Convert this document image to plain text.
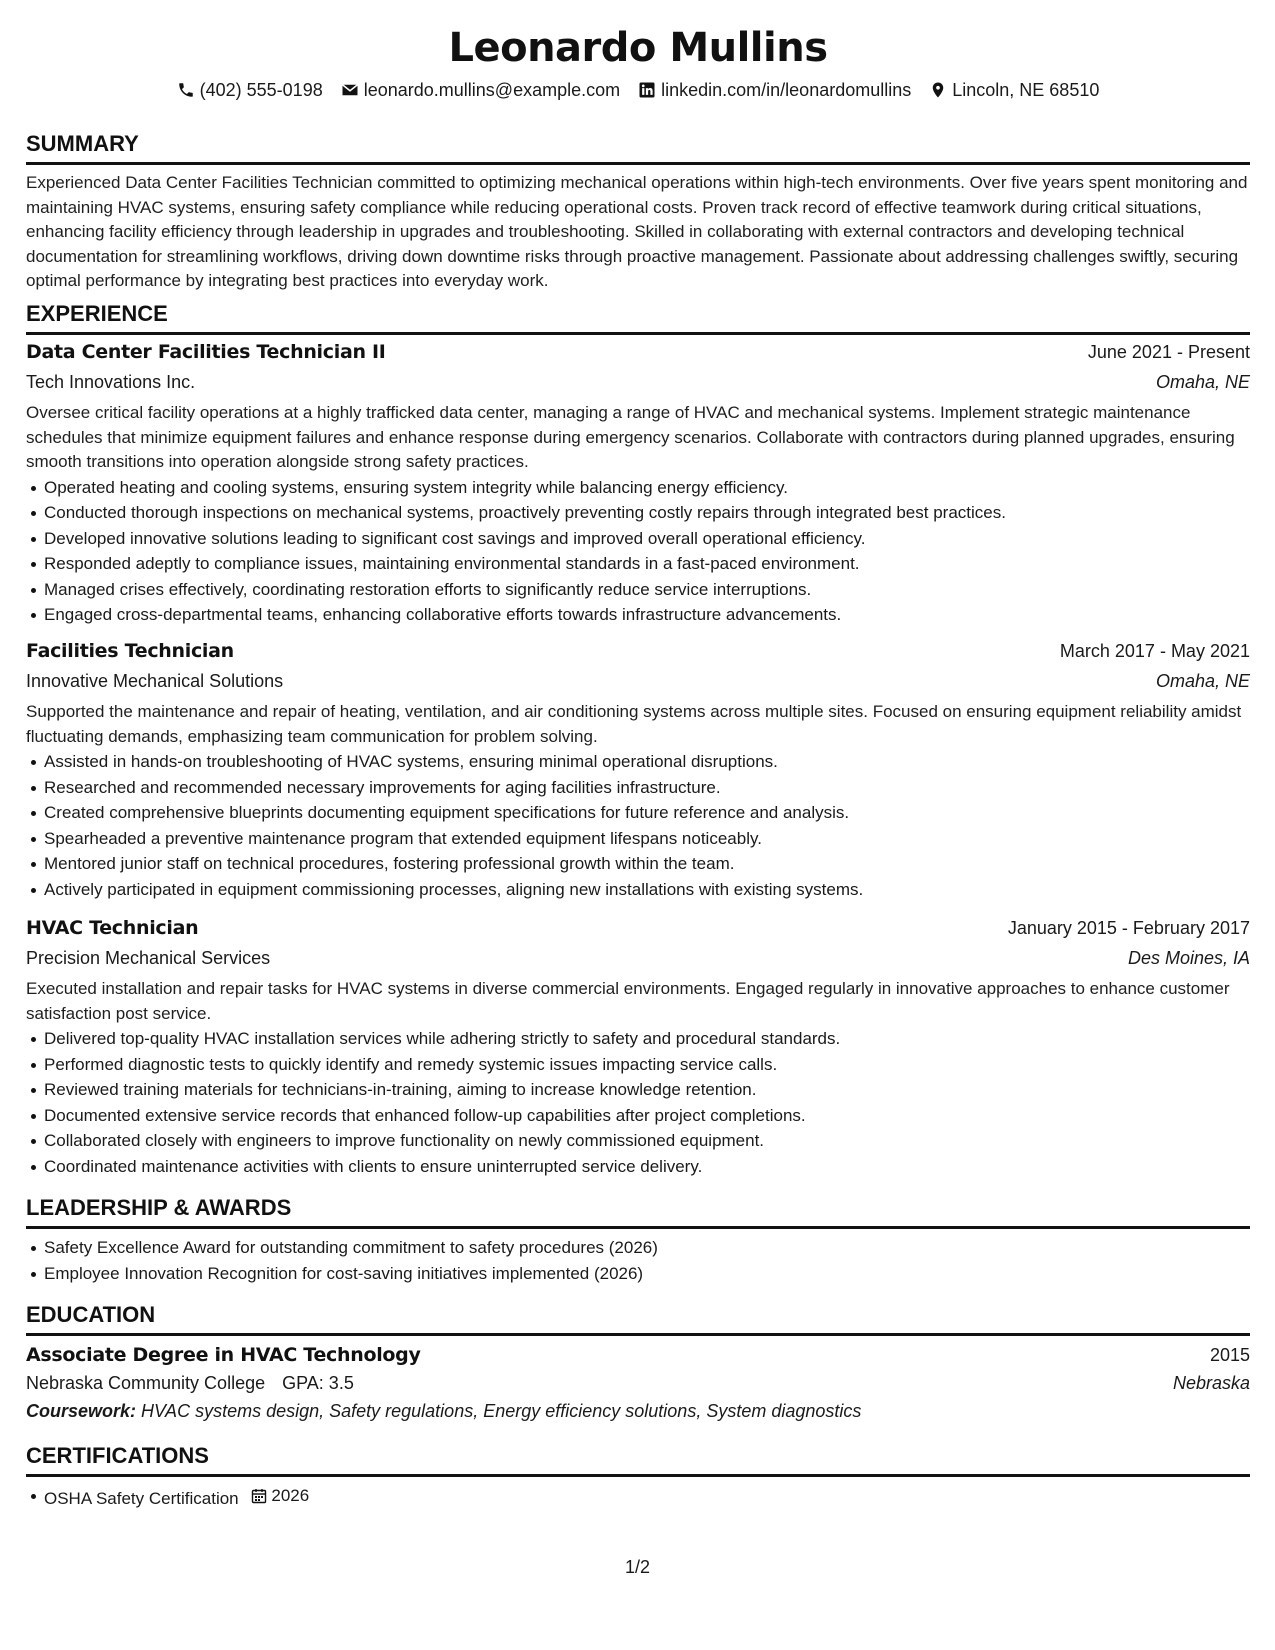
Leonardo Mullins
(402) 555-0198 leonardo.mullins@example.com linkedin.com/in/leonardomullins Lincoln, NE 68510
SUMMARY
Experienced Data Center Facilities Technician committed to optimizing mechanical operations within high-tech environments. Over five years spent monitoring and maintaining HVAC systems, ensuring safety compliance while reducing operational costs. Proven track record of effective teamwork during critical situations, enhancing facility efficiency through leadership in upgrades and troubleshooting. Skilled in collaborating with external contractors and developing technical documentation for streamlining workflows, driving down downtime risks through proactive management. Passionate about addressing challenges swiftly, securing optimal performance by integrating best practices into everyday work.
EXPERIENCE
Data Center Facilities Technician II	June 2021 - Present
Tech Innovations Inc.	Omaha, NE
Oversee critical facility operations at a highly trafficked data center, managing a range of HVAC and mechanical systems. Implement strategic maintenance schedules that minimize equipment failures and enhance response during emergency scenarios. Collaborate with contractors during planned upgrades, ensuring smooth transitions into operation alongside strong safety practices.
Operated heating and cooling systems, ensuring system integrity while balancing energy efficiency.
Conducted thorough inspections on mechanical systems, proactively preventing costly repairs through integrated best practices.
Developed innovative solutions leading to significant cost savings and improved overall operational efficiency.
Responded adeptly to compliance issues, maintaining environmental standards in a fast-paced environment.
Managed crises effectively, coordinating restoration efforts to significantly reduce service interruptions.
Engaged cross-departmental teams, enhancing collaborative efforts towards infrastructure advancements.
Facilities Technician	March 2017 - May 2021
Innovative Mechanical Solutions	Omaha, NE
Supported the maintenance and repair of heating, ventilation, and air conditioning systems across multiple sites. Focused on ensuring equipment reliability amidst fluctuating demands, emphasizing team communication for problem solving.
Assisted in hands-on troubleshooting of HVAC systems, ensuring minimal operational disruptions.
Researched and recommended necessary improvements for aging facilities infrastructure.
Created comprehensive blueprints documenting equipment specifications for future reference and analysis.
Spearheaded a preventive maintenance program that extended equipment lifespans noticeably.
Mentored junior staff on technical procedures, fostering professional growth within the team.
Actively participated in equipment commissioning processes, aligning new installations with existing systems.
HVAC Technician	January 2015 - February 2017
Precision Mechanical Services	Des Moines, IA
Executed installation and repair tasks for HVAC systems in diverse commercial environments. Engaged regularly in innovative approaches to enhance customer satisfaction post service.
Delivered top-quality HVAC installation services while adhering strictly to safety and procedural standards.
Performed diagnostic tests to quickly identify and remedy systemic issues impacting service calls.
Reviewed training materials for technicians-in-training, aiming to increase knowledge retention.
Documented extensive service records that enhanced follow-up capabilities after project completions.
Collaborated closely with engineers to improve functionality on newly commissioned equipment.
Coordinated maintenance activities with clients to ensure uninterrupted service delivery.
LEADERSHIP & AWARDS
Safety Excellence Award for outstanding commitment to safety procedures (2026)
Employee Innovation Recognition for cost-saving initiatives implemented (2026)
EDUCATION
Associate Degree in HVAC Technology	2015
Nebraska Community College GPA: 3.5	Nebraska
Coursework: HVAC systems design, Safety regulations, Energy efficiency solutions, System diagnostics
CERTIFICATIONS
OSHA Safety Certification 2026
1/2
